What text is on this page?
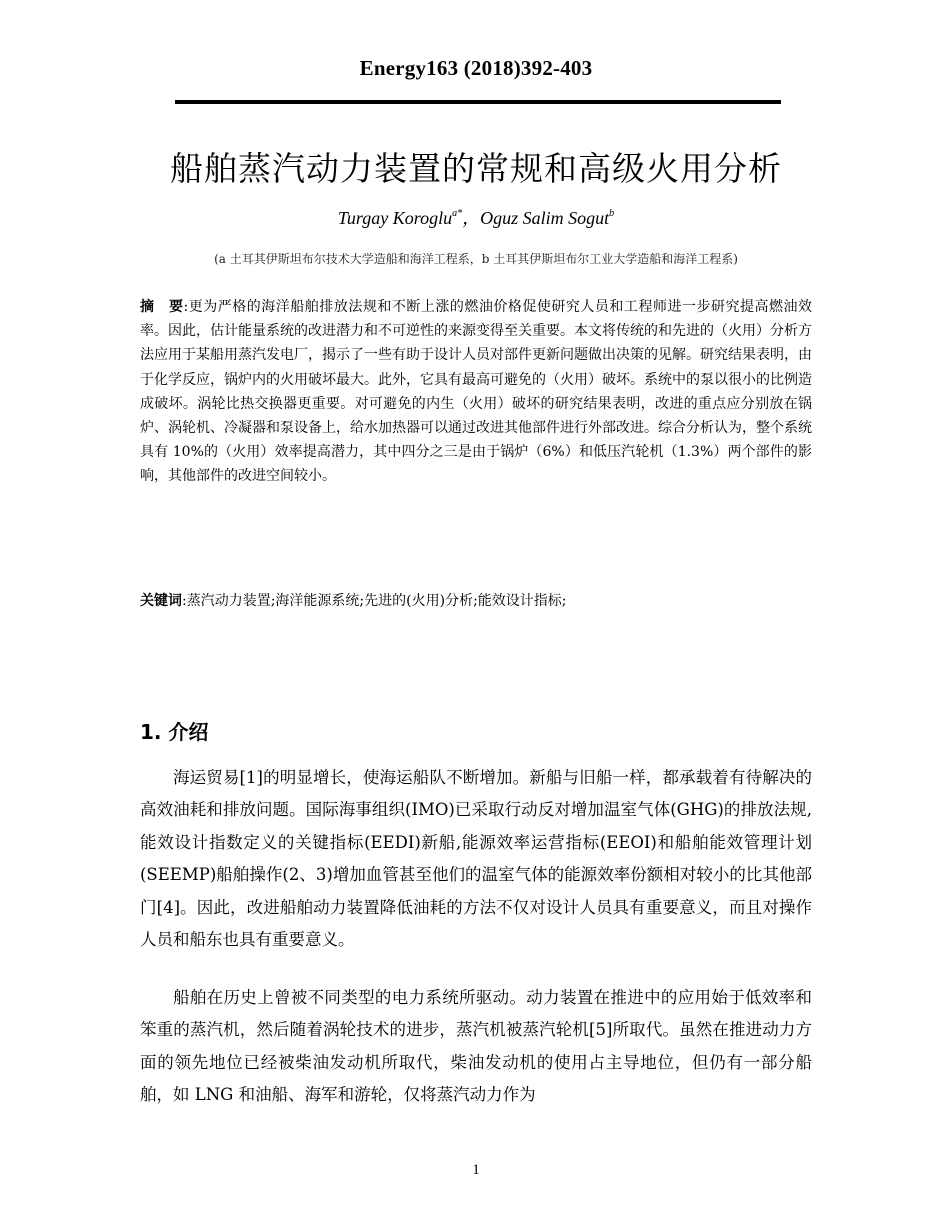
Energy163 (2018)392-403
船舶蒸汽动力装置的常规和高级火用分析
Turgay Koroglu$^{a*}$，Oguz Salim Sogut$^b$
(a 土耳其伊斯坦布尔技术大学造船和海洋工程系，b 土耳其伊斯坦布尔工业大学造船和海洋工程系)
摘　要:更为严格的海洋船舶排放法规和不断上涨的燃油价格促使研究人员和工程师进一步研究提高燃油效率。因此，估计能量系统的改进潜力和不可逆性的来源变得至关重要。本文将传统的和先进的（火用）分析方法应用于某船用蒸汽发电厂，揭示了一些有助于设计人员对部件更新问题做出决策的见解。研究结果表明，由于化学反应，锅炉内的火用破坏最大。此外，它具有最高可避免的（火用）破坏。系统中的泵以很小的比例造成破坏。涡轮比热交换器更重要。对可避免的内生（火用）破坏的研究结果表明，改进的重点应分别放在锅炉、涡轮机、冷凝器和泵设备上，给水加热器可以通过改进其他部件进行外部改进。综合分析认为，整个系统具有 10%的（火用）效率提高潜力，其中四分之三是由于锅炉（6%）和低压汽轮机（1.3%）两个部件的影响，其他部件的改进空间较小。
关键词:蒸汽动力装置;海洋能源系统;先进的(火用)分析;能效设计指标;
1. 介绍

海运贸易[1]的明显增长，使海运船队不断增加。新船与旧船一样，都承载着有待解决的高效油耗和排放问题。国际海事组织(IMO)已采取行动反对增加温室气体(GHG)的排放法规,能效设计指数定义的关键指标(EEDI)新船,能源效率运营指标(EEOI)和船舶能效管理计划(SEEMP)船舶操作(2、3)增加血管甚至他们的温室气体的能源效率份额相对较小的比其他部门[4]。因此，改进船舶动力装置降低油耗的方法不仅对设计人员具有重要意义，而且对操作人员和船东也具有重要意义。

船舶在历史上曾被不同类型的电力系统所驱动。动力装置在推进中的应用始于低效率和笨重的蒸汽机，然后随着涡轮技术的进步，蒸汽机被蒸汽轮机[5]所取代。虽然在推进动力方面的领先地位已经被柴油发动机所取代，柴油发动机的使用占主导地位，但仍有一部分船舶，如 LNG 和油船、海军和游轮，仅将蒸汽动力作为

1
